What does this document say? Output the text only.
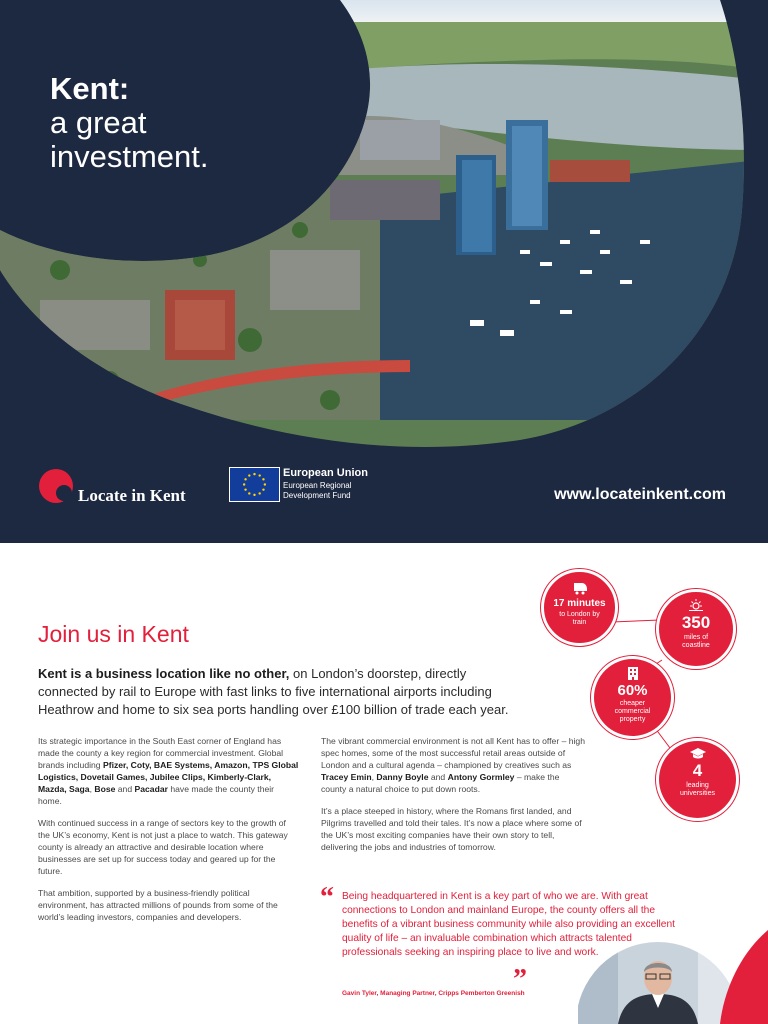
Kent:
a great
investment.
Locate in Kent
European Union
European Regional Development Fund	www.locateinkent.com
Join us in Kent

Kent is a business location like no other, on London’s doorstep, directly connected by rail to Europe with fast links to five international airports including Heathrow and home to six sea ports handling over £100 billion of trade each year.

Its strategic importance in the South East corner of England has made the county a key region for commercial investment. Global brands including Pfizer, Coty, BAE Systems, Amazon, TPS Global Logistics, Dovetail Games, Jubilee Clips, Kimberly-Clark, Mazda, Saga, Bose and Pacadar have made the county their home.

With continued success in a range of sectors key to the growth of the UK’s economy, Kent is not just a place to watch. This gateway county is already an attractive and desirable location where businesses are set up for success today and geared up for the future.

That ambition, supported by a business-friendly political environment, has attracted millions of pounds from some of the world’s leading investors, companies and developers.

The vibrant commercial environment is not all Kent has to offer – high spec homes, some of the most successful retail areas outside of London and a cultural agenda – championed by creatives such as Tracey Emin, Danny Boyle and Antony Gormley – make the county a natural choice to put down roots.

It’s a place steeped in history, where the Romans first landed, and Pilgrims travelled and told their tales. It’s now a place where some of the UK’s most exciting companies have their own story to tell, delivering the jobs and industries of tomorrow.

“ Being headquartered in Kent is a key part of who we are. With great connections to London and mainland Europe, the county offers all the benefits of a vibrant business community while also providing an excellent quality of life – an invaluable combination which attracts talented professionals seeking an inspiring place to live and work.

”

Gavin Tyler, Managing Partner, Cripps Pemberton Greenish

17 minutes
to London by train	350
miles of coastline
60%
cheaper commercial property
4
leading universities
